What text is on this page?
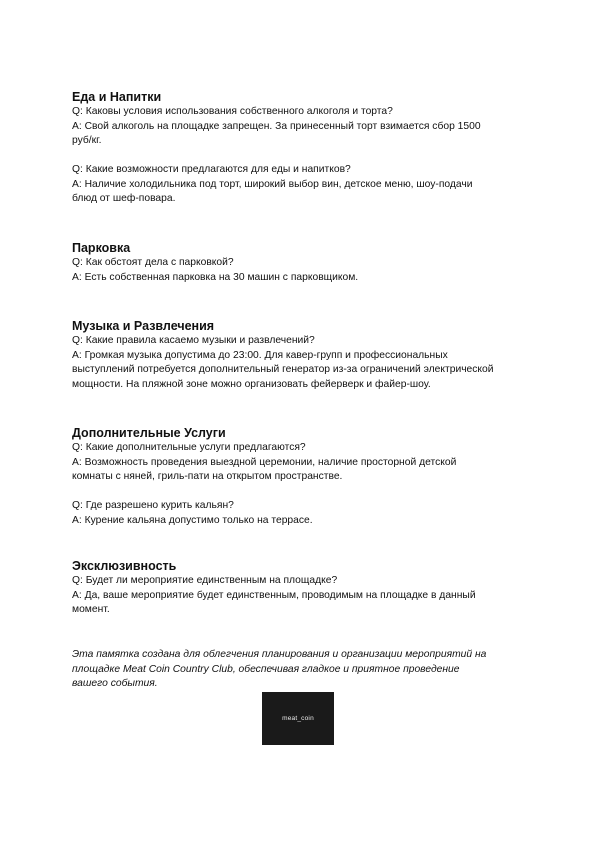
Еда и Напитки

Q: Каковы условия использования собственного алкоголя и торта?

A: Свой алкоголь на площадке запрещен. За принесенный торт взимается сбор 1500

руб/кг.

Q: Какие возможности предлагаются для еды и напитков?

A: Наличие холодильника под торт, широкий выбор вин, детское меню, шоу-подачи

блюд от шеф-повара.

Парковка

Q: Как обстоят дела с парковкой?

A: Есть собственная парковка на 30 машин с парковщиком.

Музыка и Развлечения

Q: Какие правила касаемо музыки и развлечений?

A: Громкая музыка допустима до 23:00. Для кавер-групп и профессиональных

выступлений потребуется дополнительный генератор из-за ограничений электрической

мощности. На пляжной зоне можно организовать фейерверк и файер-шоу.

Дополнительные Услуги

Q: Какие дополнительные услуги предлагаются?

A: Возможность проведения выездной церемонии, наличие просторной детской

комнаты с няней, гриль-пати на открытом пространстве.

Q: Где разрешено курить кальян?

A: Курение кальяна допустимо только на террасе.

Эксклюзивность

Q: Будет ли мероприятие единственным на площадке?

A: Да, ваше мероприятие будет единственным, проводимым на площадке в данный

момент.

Эта памятка создана для облегчения планирования и организации мероприятий на
площадке Meat Coin Country Club, обеспечивая гладкое и приятное проведение
вашего события.
meat_coin
